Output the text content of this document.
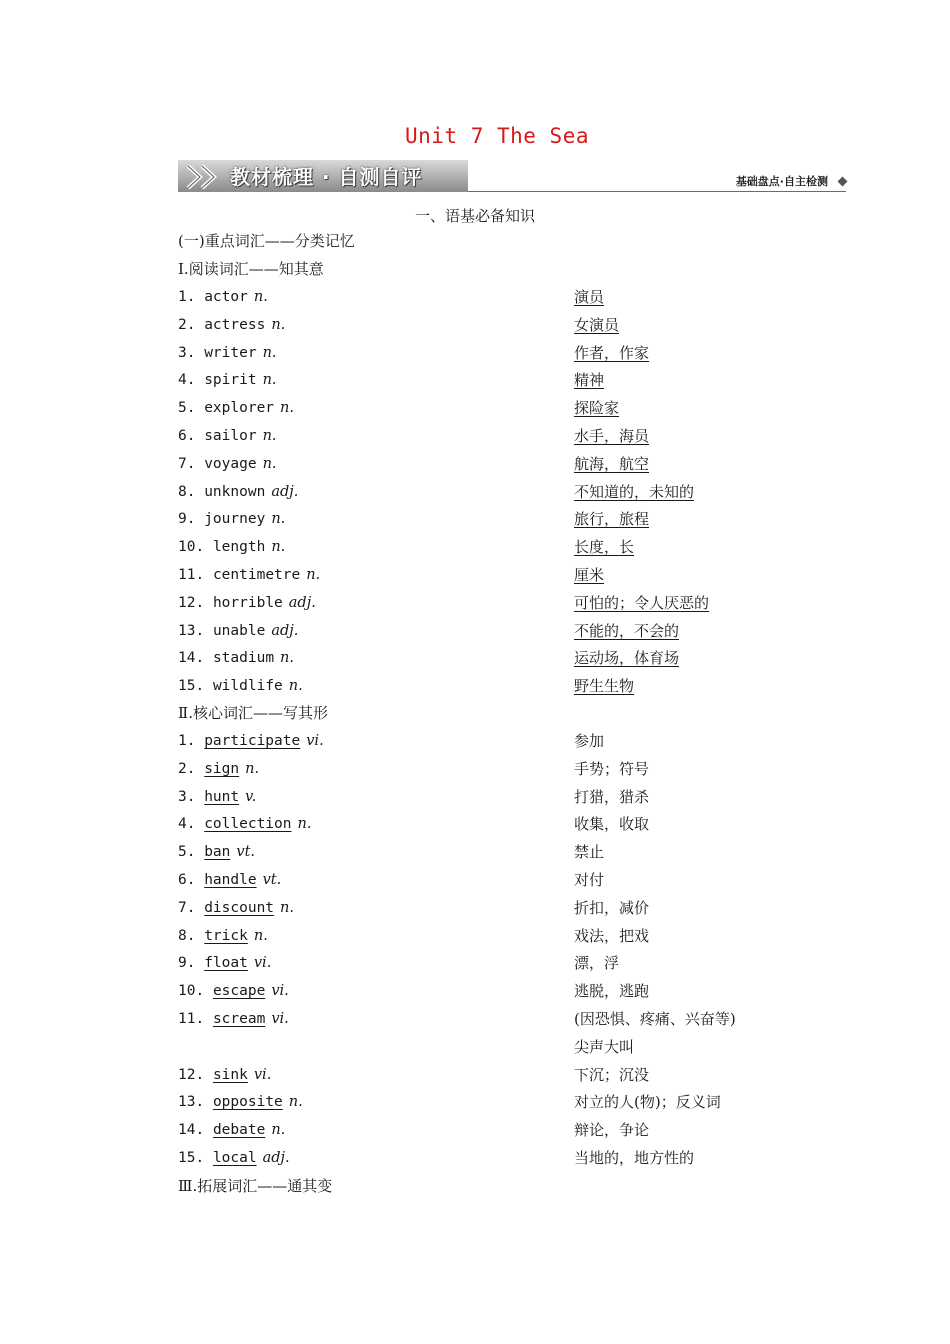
Unit 7 The Sea
教材梳理 · 自测自评	基础盘点·自主检测
一、语基必备知识
(一)重点词汇——分类记忆
Ⅰ.阅读词汇——知其意
1. actor n.	演员
2. actress n.	女演员
3. writer n.	作者，作家
4. spirit n.	精神
5. explorer n.	探险家
6. sailor n.	水手，海员
7. voyage n.	航海，航空
8. unknown adj.	不知道的，未知的
9. journey n.	旅行，旅程
10. length n.	长度，长
11. centimetre n.	厘米
12. horrible adj.	可怕的；令人厌恶的
13. unable adj.	不能的，不会的
14. stadium n.	运动场，体育场
15. wildlife n.	野生生物
Ⅱ.核心词汇——写其形
1. participate vi.	参加
2. sign n.	手势；符号
3. hunt v.	打猎，猎杀
4. collection n.	收集，收取
5. ban vt.	禁止
6. handle vt.	对付
7. discount n.	折扣，减价
8. trick n.	戏法，把戏
9. float vi.	漂，浮
10. escape vi.	逃脱，逃跑
11. scream vi.	(因恐惧、疼痛、兴奋等)
尖声大叫
12. sink vi.	下沉；沉没
13. opposite n.	对立的人(物)；反义词
14. debate n.	辩论，争论
15. local adj.	当地的，地方性的
Ⅲ.拓展词汇——通其变
